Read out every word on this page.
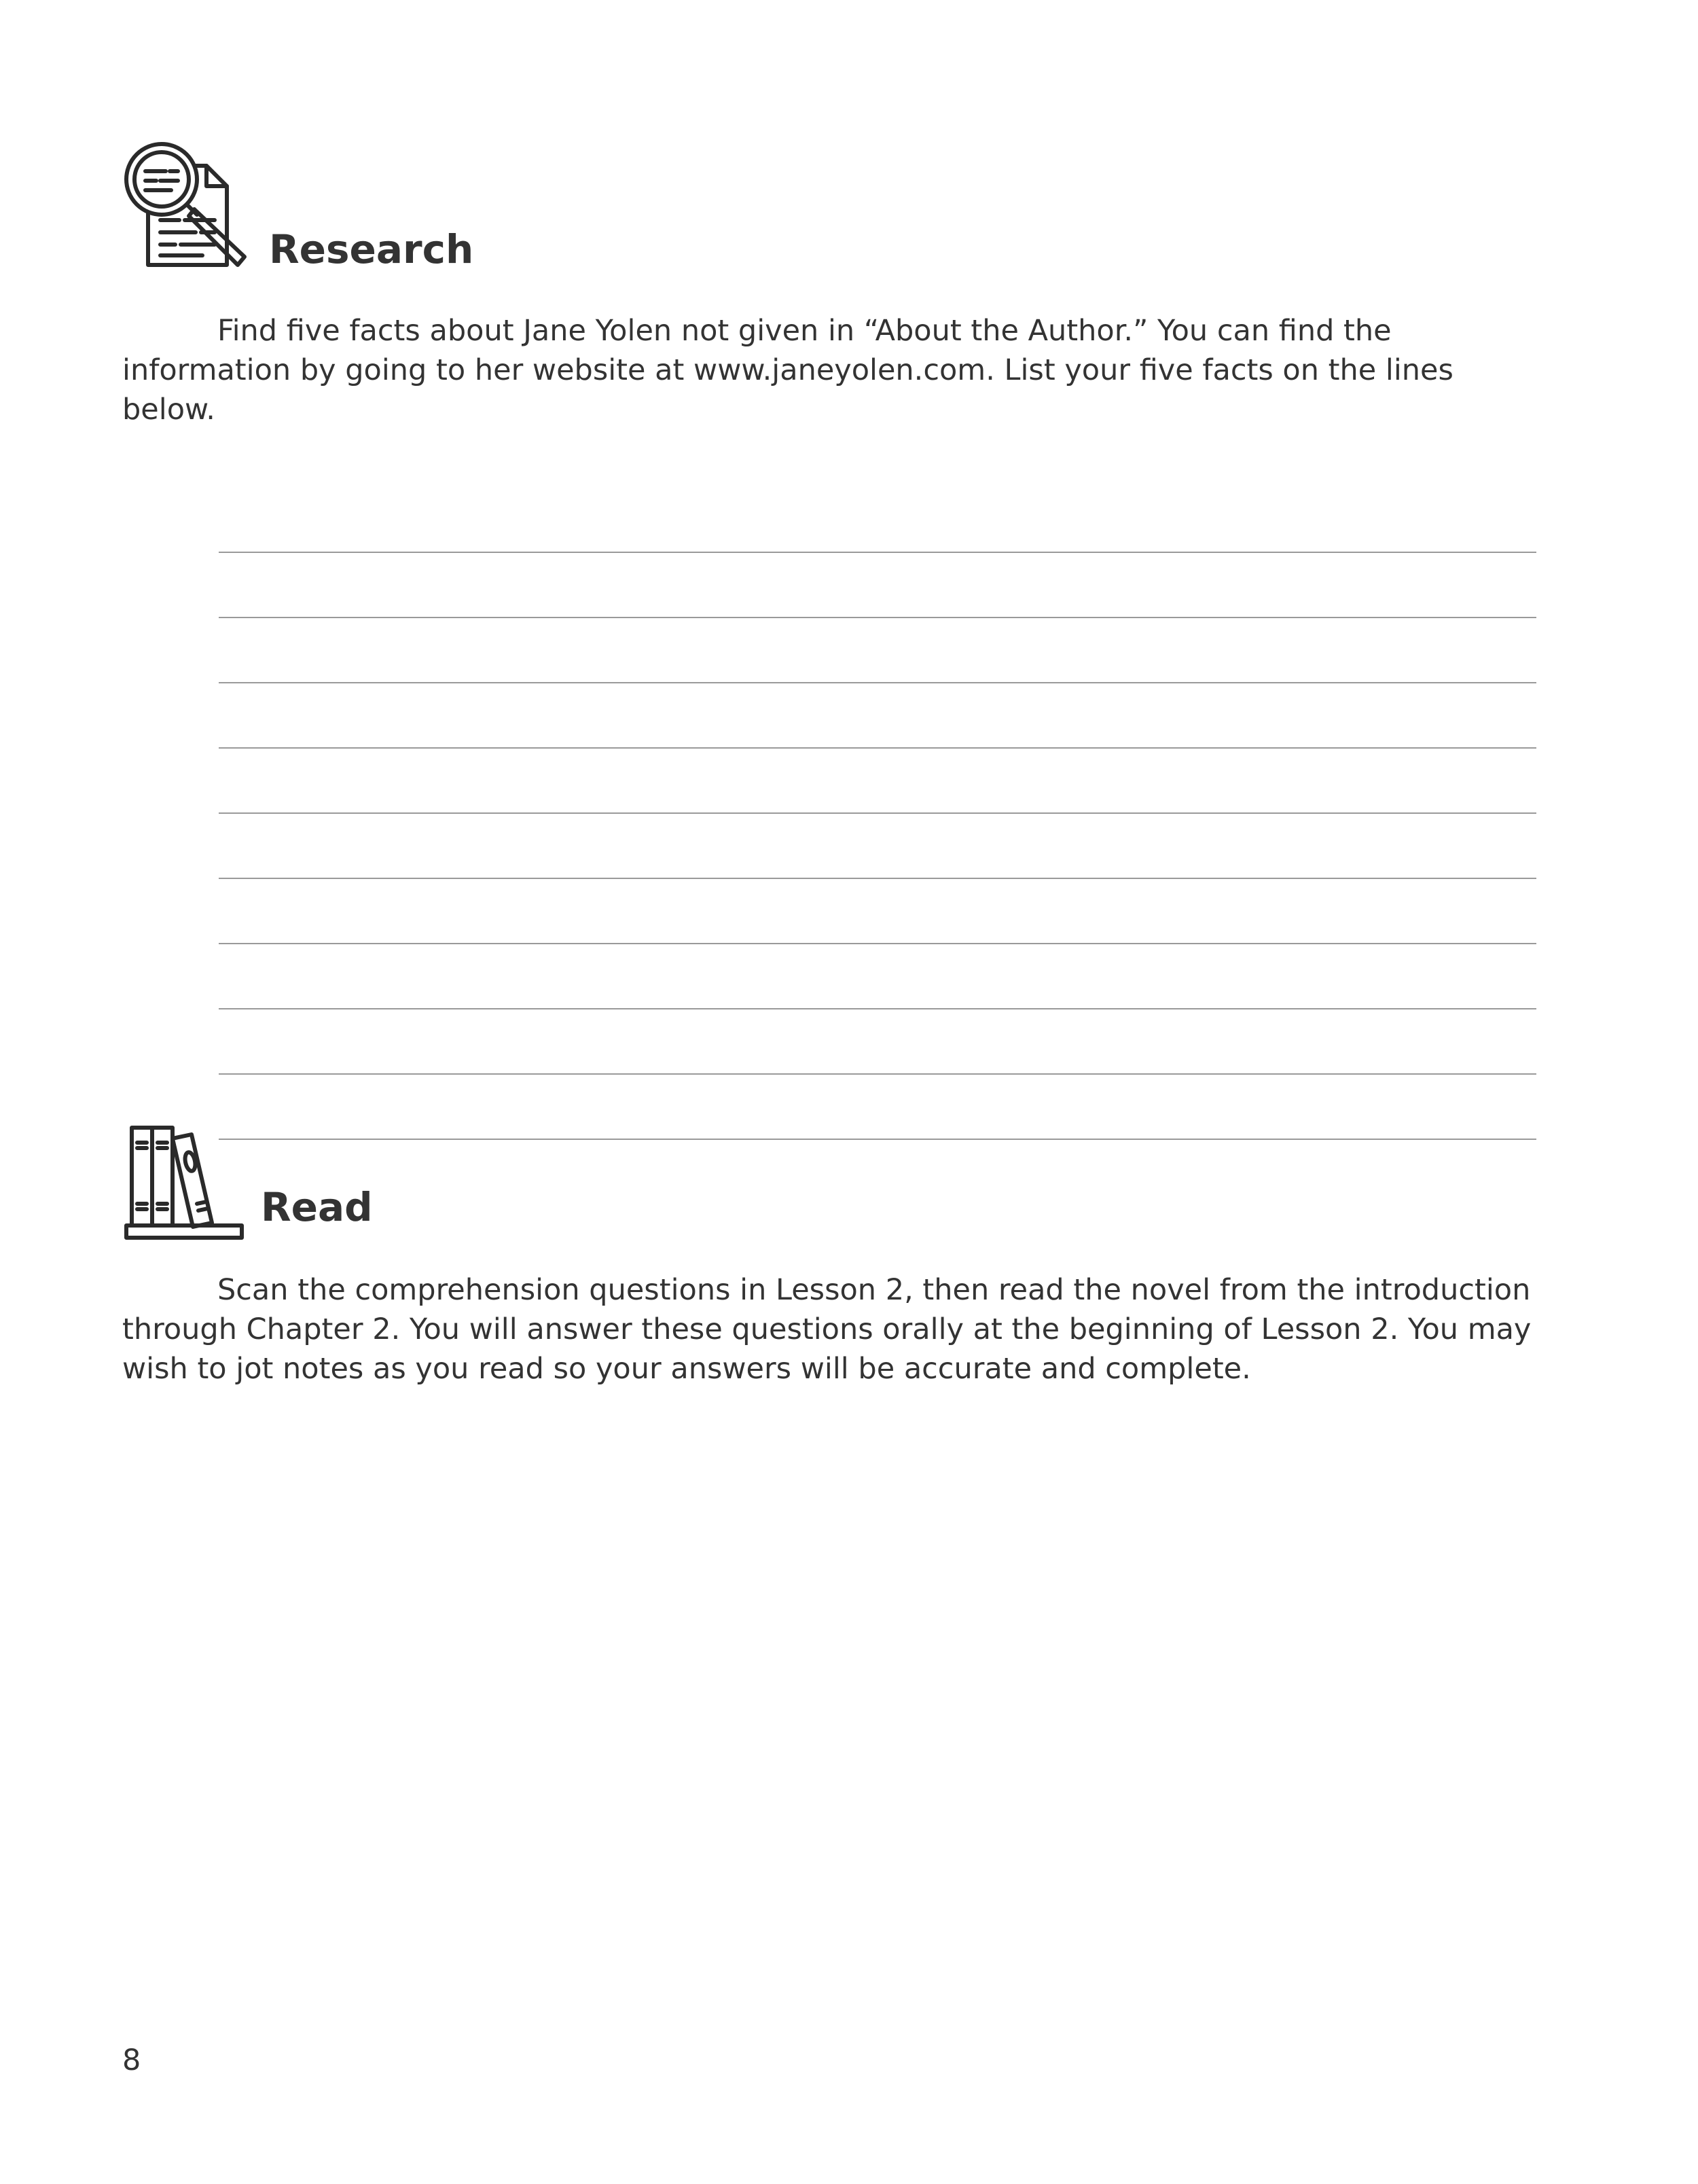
Research

Find five facts about Jane Yolen not given in “About the Author.” You can find the information by going to her website at www.janeyolen.com. List your five facts on the lines below.

Read

Scan the comprehension questions in Lesson 2, then read the novel from the introduction through Chapter 2. You will answer these questions orally at the beginning of Lesson 2. You may wish to jot notes as you read so your answers will be accurate and complete.

8
